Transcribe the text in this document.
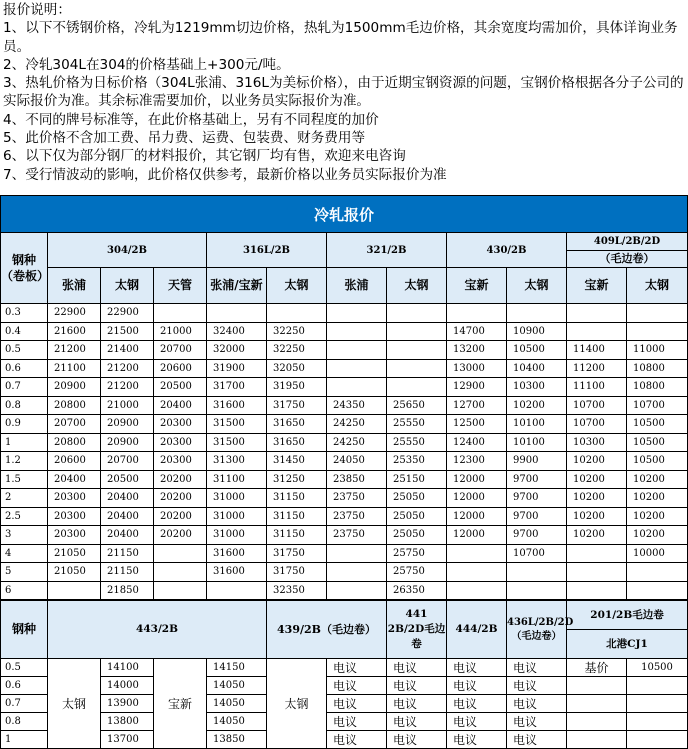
报价说明：
1、以下不锈钢价格，冷轧为1219mm切边价格，热轧为1500mm毛边价格，其余宽度均需加价，具体详询业务员。
2、冷轧304L在304的价格基础上+300元/吨。
3、热轧价格为日标价格（304L张浦、316L为美标价格），由于近期宝钢资源的问题，宝钢价格根据各分子公司的实际报价为准。其余标准需要加价，以业务员实际报价为准。
4、不同的牌号标准等，在此价格基础上，另有不同程度的加价
5、此价格不含加工费、吊力费、运费、包装费、财务费用等
6、以下仅为部分钢厂的材料报价，其它钢厂均有售，欢迎来电咨询
7、受行情波动的影响，此价格仅供参考，最新价格以业务员实际报价为准
冷轧报价											
钢种（卷板）	304/2B			316L/2B		321/2B		430/2B		409L/2B/2D
（毛边卷）	

	张浦	太钢	天管	张浦/宝新	太钢	张浦	太钢	宝新	太钢	宝新	太钢
0.3	22900	22900									
0.4	21600	21500	21000	32400	32250			14700	10900		
0.5	21200	21400	20700	32000	32250			13200	10500	11400	11000
0.6	21100	21200	20600	31900	32050			13000	10400	11200	10800
0.7	20900	21200	20500	31700	31950			12900	10300	11100	10800
0.8	20800	21000	20400	31600	31750	24350	25650	12700	10200	10700	10700
0.9	20700	20900	20300	31500	31650	24250	25550	12500	10100	10700	10500
1	20800	20900	20300	31500	31650	24250	25550	12400	10100	10300	10500
1.2	20600	20700	20300	31300	31450	24050	25350	12300	9900	10200	10500
1.5	20400	20500	20200	31100	31250	23850	25150	12000	9700	10200	10200
2	20300	20400	20200	31000	31150	23750	25050	12000	9700	10200	10200
2.5	20300	20400	20200	31000	31150	23750	25050	12000	9700	10200	10200
3	20300	20400	20200	31000	31150	23750	25050	12000	9700	10200	10200
4	21050	21150		31600	31750		25750		10700		10000
5	21050	21150		31600	31750		25750				
6		21850			32350		26350				
钢种	443/2B				439/2B（毛边卷）		441 2B/2D毛边卷	444/2B	436L/2B/2D（毛边卷）	201/2B毛边卷
北港CJ1	

0.5	太钢	14100	宝新	14150	太钢	电议	电议	电议	电议	基价	10500
0.6		14000		14050		电议	电议	电议	电议		
0.7		13900		14050		电议	电议	电议	电议		
0.8		13800		14050		电议	电议	电议	电议		
1		13700		13850		电议	电议	电议	电议		
